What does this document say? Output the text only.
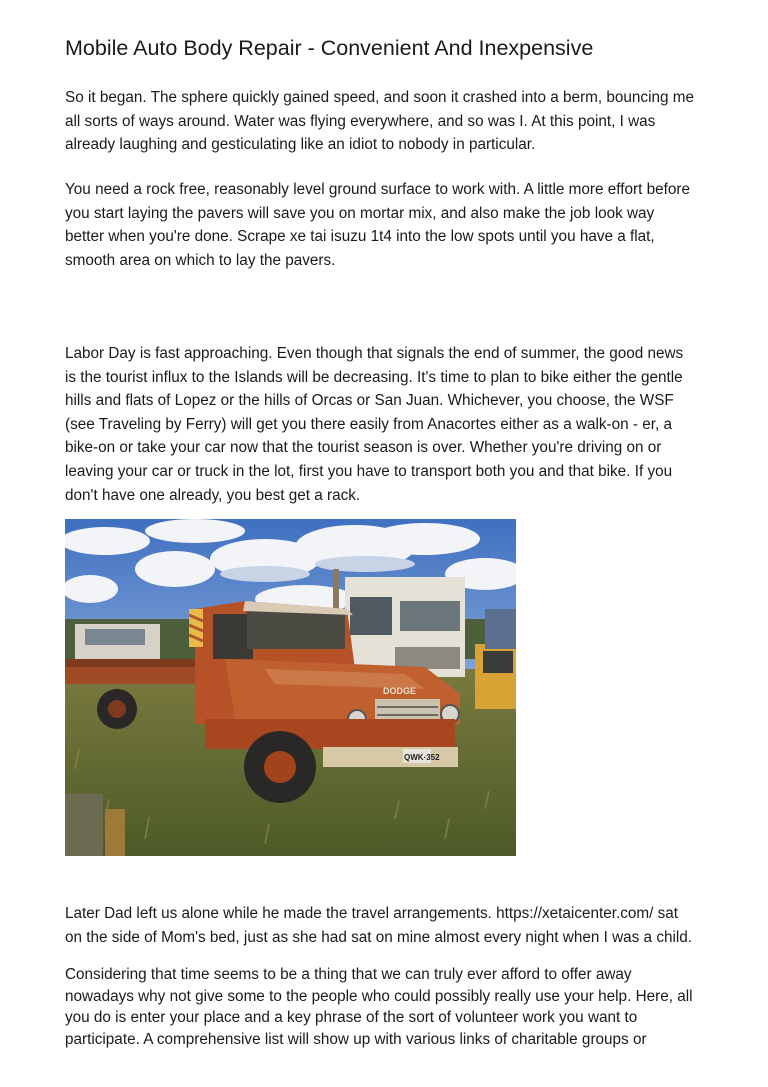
Mobile Auto Body Repair - Convenient And Inexpensive

So it began. The sphere quickly gained speed, and soon it crashed into a berm, bouncing me
all sorts of ways around. Water was flying everywhere, and so was I. At this point, I was
already laughing and gesticulating like an idiot to nobody in particular.

You need a rock free, reasonably level ground surface to work with. A little more effort before
you start laying the pavers will save you on mortar mix, and also make the job look way
better when you're done. Scrape xe tai isuzu 1t4 into the low spots until you have a flat,
smooth area on which to lay the pavers.

Labor Day is fast approaching. Even though that signals the end of summer, the good news
is the tourist influx to the Islands will be decreasing. It's time to plan to bike either the gentle
hills and flats of Lopez or the hills of Orcas or San Juan. Whichever, you choose, the WSF
(see Traveling by Ferry) will get you there easily from Anacortes either as a walk-on - er, a
bike-on or take your car now that the tourist season is over. Whether you're driving on or
leaving your car or truck in the lot, first you have to transport both you and that bike. If you
don't have one already, you best get a rack.

DODGE
QWK·352

Later Dad left us alone while he made the travel arrangements. https://xetaicenter.com/ sat
on the side of Mom's bed, just as she had sat on mine almost every night when I was a child.

Considering that time seems to be a thing that we can truly ever afford to offer away
nowadays why not give some to the people who could possibly really use your help. Here, all
you do is enter your place and a key phrase of the sort of volunteer work you want to
participate. A comprehensive list will show up with various links of charitable groups or
